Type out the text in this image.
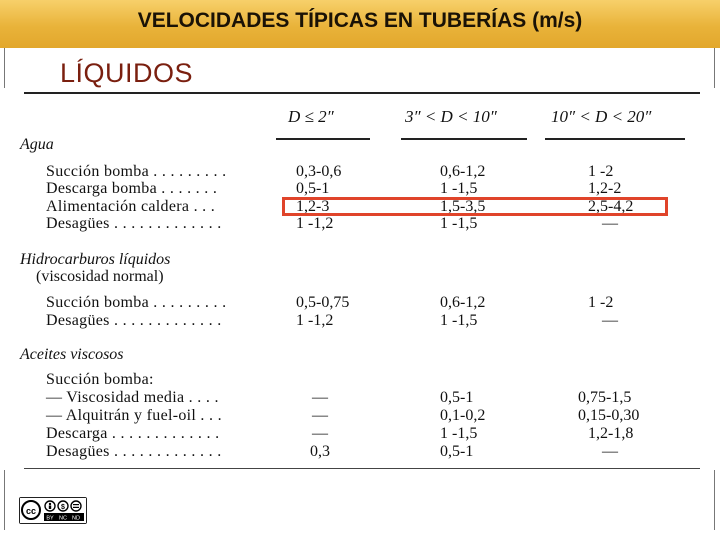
VELOCIDADES TÍPICAS EN TUBERÍAS (m/s)
LÍQUIDOS
D ≤ 2″	3″ < D < 10″	10″ < D < 20″
Agua
Succión bomba . . . . . . . . .	0,3-0,6	0,6-1,2	1 -2
Descarga bomba . . . . . . .	0,5-1	1 -1,5	1,2-2
Alimentación caldera . . .	1,2-3	1,5-3,5	2,5-4,2
Desagües . . . . . . . . . . . . .	1 -1,2	1 -1,5	—
Hidrocarburos líquidos
(viscosidad normal)
Succión bomba . . . . . . . . .	0,5-0,75	0,6-1,2	1 -2
Desagües . . . . . . . . . . . . .	1 -1,2	1 -1,5	—
Aceites viscosos
Succión bomba:
— Viscosidad media . . . .	—	0,5-1	0,75-1,5
— Alquitrán y fuel-oil . . .	—	0,1-0,2	0,15-0,30
Descarga . . . . . . . . . . . . .	—	1 -1,5	1,2-1,8
Desagües . . . . . . . . . . . . .	0,3	0,5-1	—
cc	$
BY NC ND
